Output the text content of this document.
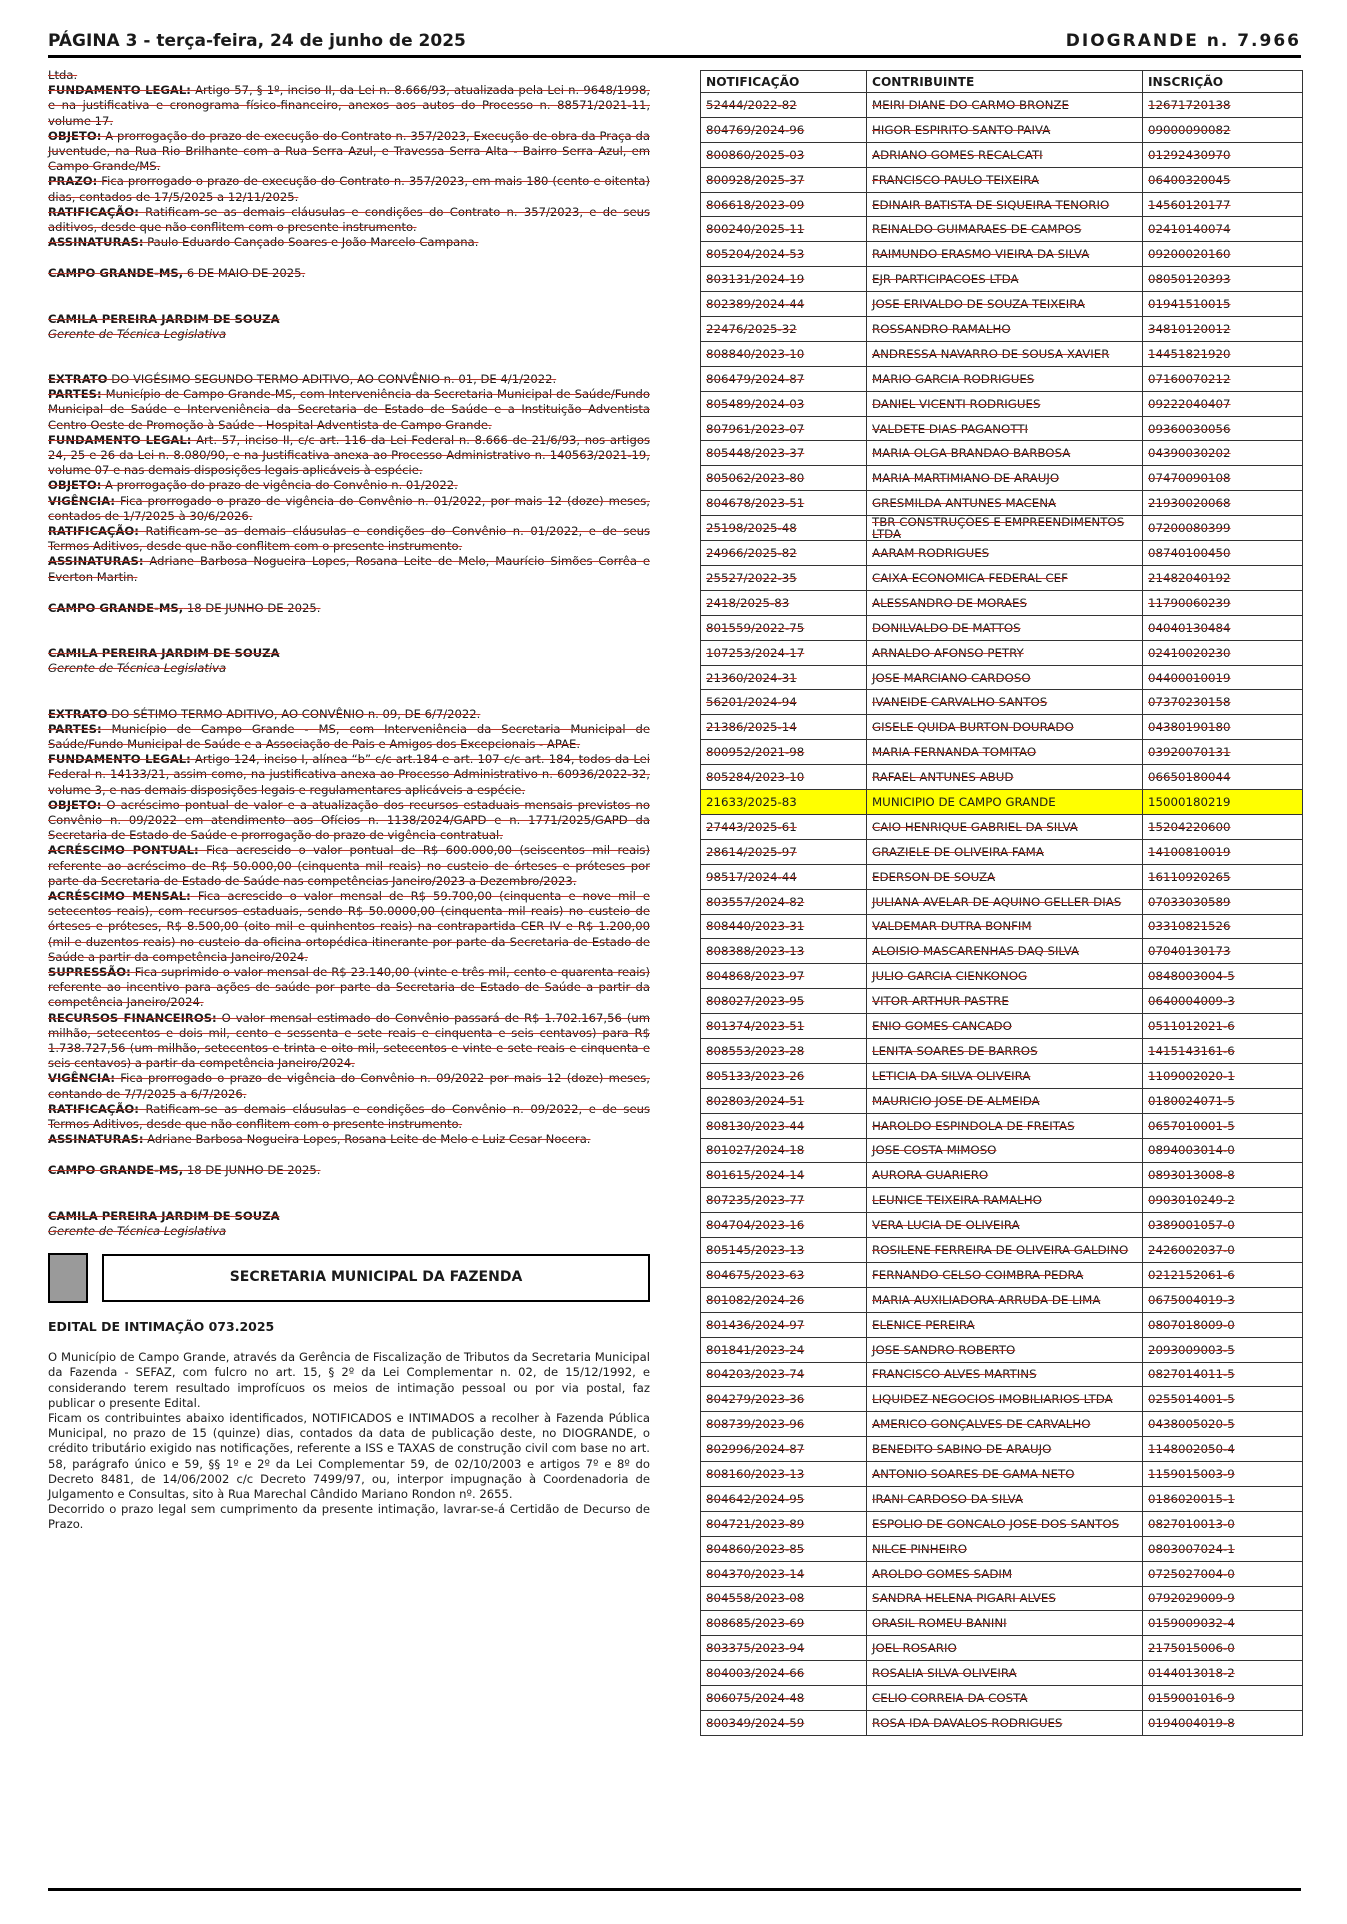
PÁGINA 3 - terça-feira, 24 de junho de 2025	DIOGRANDE n. 7.966

Ltda.

FUNDAMENTO LEGAL: Artigo 57, § 1º, inciso II, da Lei n. 8.666/93, atualizada pela Lei n. 9648/1998, e na justificativa e cronograma físico-financeiro, anexos aos autos do Processo n. 88571/2021-11, volume 17.

OBJETO: A prorrogação do prazo de execução do Contrato n. 357/2023, Execução de obra da Praça da Juventude, na Rua Rio Brilhante com a Rua Serra Azul, e Travessa Serra Alta - Bairro Serra Azul, em Campo Grande/MS.

PRAZO: Fica prorrogado o prazo de execução do Contrato n. 357/2023, em mais 180 (cento e oitenta) dias, contados de 17/5/2025 a 12/11/2025.

RATIFICAÇÃO: Ratificam-se as demais cláusulas e condições do Contrato n. 357/2023, e de seus aditivos, desde que não conflitem com o presente instrumento.

ASSINATURAS: Paulo Eduardo Cançado Soares e João Marcelo Campana.

CAMPO GRANDE-MS, 6 DE MAIO DE 2025.

CAMILA PEREIRA JARDIM DE SOUZA

Gerente de Técnica Legislativa

EXTRATO DO VIGÉSIMO SEGUNDO TERMO ADITIVO, AO CONVÊNIO n. 01, DE 4/1/2022.

PARTES: Município de Campo Grande-MS, com Interveniência da Secretaria Municipal de Saúde/Fundo Municipal de Saúde e Interveniência da Secretaria de Estado de Saúde e a Instituição Adventista Centro Oeste de Promoção à Saúde - Hospital Adventista de Campo Grande.

FUNDAMENTO LEGAL: Art. 57, inciso II, c/c art. 116 da Lei Federal n. 8.666 de 21/6/93, nos artigos 24, 25 e 26 da Lei n. 8.080/90, e na Justificativa anexa ao Processo Administrativo n. 140563/2021-19, volume 07 e nas demais disposições legais aplicáveis à espécie.

OBJETO: A prorrogação do prazo de vigência do Convênio n. 01/2022.

VIGÊNCIA: Fica prorrogado o prazo de vigência do Convênio n. 01/2022, por mais 12 (doze) meses, contados de 1/7/2025 à 30/6/2026.

RATIFICAÇÃO: Ratificam-se as demais cláusulas e condições do Convênio n. 01/2022, e de seus Termos Aditivos, desde que não conflitem com o presente instrumento.

ASSINATURAS: Adriane Barbosa Nogueira Lopes, Rosana Leite de Melo, Maurício Simões Corrêa e Everton Martin.

CAMPO GRANDE-MS, 18 DE JUNHO DE 2025.

CAMILA PEREIRA JARDIM DE SOUZA

Gerente de Técnica Legislativa

EXTRATO DO SÉTIMO TERMO ADITIVO, AO CONVÊNIO n. 09, DE 6/7/2022.

PARTES: Município de Campo Grande - MS, com Interveniência da Secretaria Municipal de Saúde/Fundo Municipal de Saúde e a Associação de Pais e Amigos dos Excepcionais - APAE.

FUNDAMENTO LEGAL: Artigo 124, inciso I, alínea “b” c/c art.184 e art. 107 c/c art. 184, todos da Lei Federal n. 14133/21, assim como, na justificativa anexa ao Processo Administrativo n. 60936/2022-32, volume 3, e nas demais disposições legais e regulamentares aplicáveis a espécie.

OBJETO: O acréscimo pontual de valor e a atualização dos recursos estaduais mensais previstos no Convênio n. 09/2022 em atendimento aos Ofícios n. 1138/2024/GAPD e n. 1771/2025/GAPD da Secretaria de Estado de Saúde e prorrogação do prazo de vigência contratual.

ACRÉSCIMO PONTUAL: Fica acrescido o valor pontual de R$ 600.000,00 (seiscentos mil reais) referente ao acréscimo de R$ 50.000,00 (cinquenta mil reais) no custeio de órteses e próteses por parte da Secretaria de Estado de Saúde nas competências Janeiro/2023 a Dezembro/2023.

ACRÉSCIMO MENSAL: Fica acrescido o valor mensal de R$ 59.700,00 (cinquenta e nove mil e setecentos reais), com recursos estaduais, sendo R$ 50.0000,00 (cinquenta mil reais) no custeio de órteses e próteses, R$ 8.500,00 (oito mil e quinhentos reais) na contrapartida CER IV e R$ 1.200,00 (mil e duzentos reais) no custeio da oficina ortopédica itinerante por parte da Secretaria de Estado de Saúde a partir da competência Janeiro/2024.

SUPRESSÃO: Fica suprimido o valor mensal de R$ 23.140,00 (vinte e três mil, cento e quarenta reais) referente ao incentivo para ações de saúde por parte da Secretaria de Estado de Saúde a partir da competência Janeiro/2024.

RECURSOS FINANCEIROS: O valor mensal estimado do Convênio passará de R$ 1.702.167,56 (um milhão, setecentos e dois mil, cento e sessenta e sete reais e cinquenta e seis centavos) para R$ 1.738.727,56 (um milhão, setecentos e trinta e oito mil, setecentos e vinte e sete reais e cinquenta e seis centavos) a partir da competência Janeiro/2024.

VIGÊNCIA: Fica prorrogado o prazo de vigência do Convênio n. 09/2022 por mais 12 (doze) meses, contando de 7/7/2025 a 6/7/2026.

RATIFICAÇÃO: Ratificam-se as demais cláusulas e condições do Convênio n. 09/2022, e de seus Termos Aditivos, desde que não conflitem com o presente instrumento.

ASSINATURAS: Adriane Barbosa Nogueira Lopes, Rosana Leite de Melo e Luiz Cesar Nocera.

CAMPO GRANDE-MS, 18 DE JUNHO DE 2025.

CAMILA PEREIRA JARDIM DE SOUZA

Gerente de Técnica Legislativa

SECRETARIA MUNICIPAL DA FAZENDA

EDITAL DE INTIMAÇÃO 073.2025

O Município de Campo Grande, através da Gerência de Fiscalização de Tributos da Secretaria Municipal da Fazenda - SEFAZ, com fulcro no art. 15, § 2º da Lei Complementar n. 02, de 15/12/1992, e considerando terem resultado improfícuos os meios de intimação pessoal ou por via postal, faz publicar o presente Edital.

Ficam os contribuintes abaixo identificados, NOTIFICADOS e INTIMADOS a recolher à Fazenda Pública Municipal, no prazo de 15 (quinze) dias, contados da data de publicação deste, no DIOGRANDE, o crédito tributário exigido nas notificações, referente a ISS e TAXAS de construção civil com base no art. 58, parágrafo único e 59, §§ 1º e 2º da Lei Complementar 59, de 02/10/2003 e artigos 7º e 8º do Decreto 8481, de 14/06/2002 c/c Decreto 7499/97, ou, interpor impugnação à Coordenadoria de Julgamento e Consultas, sito à Rua Marechal Cândido Mariano Rondon nº. 2655.

Decorrido o prazo legal sem cumprimento da presente intimação, lavrar-se-á Certidão de Decurso de Prazo.

NOTIFICAÇÃO	CONTRIBUINTE	INSCRIÇÃO
52444/2022-82	MEIRI DIANE DO CARMO BRONZE	12671720138
804769/2024-96	HIGOR ESPIRITO SANTO PAIVA	09000090082
800860/2025-03	ADRIANO GOMES RECALCATI	01292430970
800928/2025-37	FRANCISCO PAULO TEIXEIRA	06400320045
806618/2023-09	EDINAIR BATISTA DE SIQUEIRA TENORIO	14560120177
800240/2025-11	REINALDO GUIMARAES DE CAMPOS	02410140074
805204/2024-53	RAIMUNDO ERASMO VIEIRA DA SILVA	09200020160
803131/2024-19	EJR PARTICIPACOES LTDA	08050120393
802389/2024-44	JOSE ERIVALDO DE SOUZA TEIXEIRA	01941510015
22476/2025-32	ROSSANDRO RAMALHO	34810120012
808840/2023-10	ANDRESSA NAVARRO DE SOUSA XAVIER	14451821920
806479/2024-87	MARIO GARCIA RODRIGUES	07160070212
805489/2024-03	DANIEL VICENTI RODRIGUES	09222040407
807961/2023-07	VALDETE DIAS PAGANOTTI	09360030056
805448/2023-37	MARIA OLGA BRANDAO BARBOSA	04390030202
805062/2023-80	MARIA MARTIMIANO DE ARAUJO	07470090108
804678/2023-51	GRESMILDA ANTUNES MACENA	21930020068
25198/2025-48	TBR CONSTRUÇÕES E EMPREENDIMENTOS LTDA	07200080399
24966/2025-82	AARAM RODRIGUES	08740100450
25527/2022-35	CAIXA ECONOMICA FEDERAL CEF	21482040192
2418/2025-83	ALESSANDRO DE MORAES	11790060239
801559/2022-75	DONILVALDO DE MATTOS	04040130484
107253/2024-17	ARNALDO AFONSO PETRY	02410020230
21360/2024-31	JOSE MARCIANO CARDOSO	04400010019
56201/2024-94	IVANEIDE CARVALHO SANTOS	07370230158
21386/2025-14	GISELE QUIDA BURTON DOURADO	04380190180
800952/2021-98	MARIA FERNANDA TOMITAO	03920070131
805284/2023-10	RAFAEL ANTUNES ABUD	06650180044
21633/2025-83	MUNICIPIO DE CAMPO GRANDE	15000180219
27443/2025-61	CAIO HENRIQUE GABRIEL DA SILVA	15204220600
28614/2025-97	GRAZIELE DE OLIVEIRA FAMA	14100810019
98517/2024-44	EDERSON DE SOUZA	16110920265
803557/2024-82	JULIANA AVELAR DE AQUINO GELLER DIAS	07033030589
808440/2023-31	VALDEMAR DUTRA BONFIM	03310821526
808388/2023-13	ALOISIO MASCARENHAS DAQ SILVA	07040130173
804868/2023-97	JULIO GARCIA CIENKONOG	0848003004-5
808027/2023-95	VITOR ARTHUR PASTRE	0640004009-3
801374/2023-51	ENIO GOMES CANCADO	0511012021-6
808553/2023-28	LENITA SOARES DE BARROS	1415143161-6
805133/2023-26	LETICIA DA SILVA OLIVEIRA	1109002020-1
802803/2024-51	MAURICIO JOSE DE ALMEIDA	0180024071-5
808130/2023-44	HAROLDO ESPINDOLA DE FREITAS	0657010001-5
801027/2024-18	JOSE COSTA MIMOSO	0894003014-0
801615/2024-14	AURORA GUARIERO	0893013008-8
807235/2023-77	LEUNICE TEIXEIRA RAMALHO	0903010249-2
804704/2023-16	VERA LUCIA DE OLIVEIRA	0389001057-0
805145/2023-13	ROSILENE FERREIRA DE OLIVEIRA GALDINO	2426002037-0
804675/2023-63	FERNANDO CELSO COIMBRA PEDRA	0212152061-6
801082/2024-26	MARIA AUXILIADORA ARRUDA DE LIMA	0675004019-3
801436/2024-97	ELENICE PEREIRA	0807018009-0
801841/2023-24	JOSE SANDRO ROBERTO	2093009003-5
804203/2023-74	FRANCISCO ALVES MARTINS	0827014011-5
804279/2023-36	LIQUIDEZ NEGOCIOS IMOBILIARIOS LTDA	0255014001-5
808739/2023-96	AMERICO GONÇALVES DE CARVALHO	0438005020-5
802996/2024-87	BENEDITO SABINO DE ARAUJO	1148002050-4
808160/2023-13	ANTONIO SOARES DE GAMA NETO	1159015003-9
804642/2024-95	IRANI CARDOSO DA SILVA	0186020015-1
804721/2023-89	ESPOLIO DE GONCALO JOSE DOS SANTOS	0827010013-0
804860/2023-85	NILCE PINHEIRO	0803007024-1
804370/2023-14	AROLDO GOMES SADIM	0725027004-0
804558/2023-08	SANDRA HELENA PIGARI ALVES	0792029009-9
808685/2023-69	ORASIL ROMEU BANINI	0159009032-4
803375/2023-94	JOEL ROSARIO	2175015006-0
804003/2024-66	ROSALIA SILVA OLIVEIRA	0144013018-2
806075/2024-48	CELIO CORREIA DA COSTA	0159001016-9
800349/2024-59	ROSA IDA DAVALOS RODRIGUES	0194004019-8
